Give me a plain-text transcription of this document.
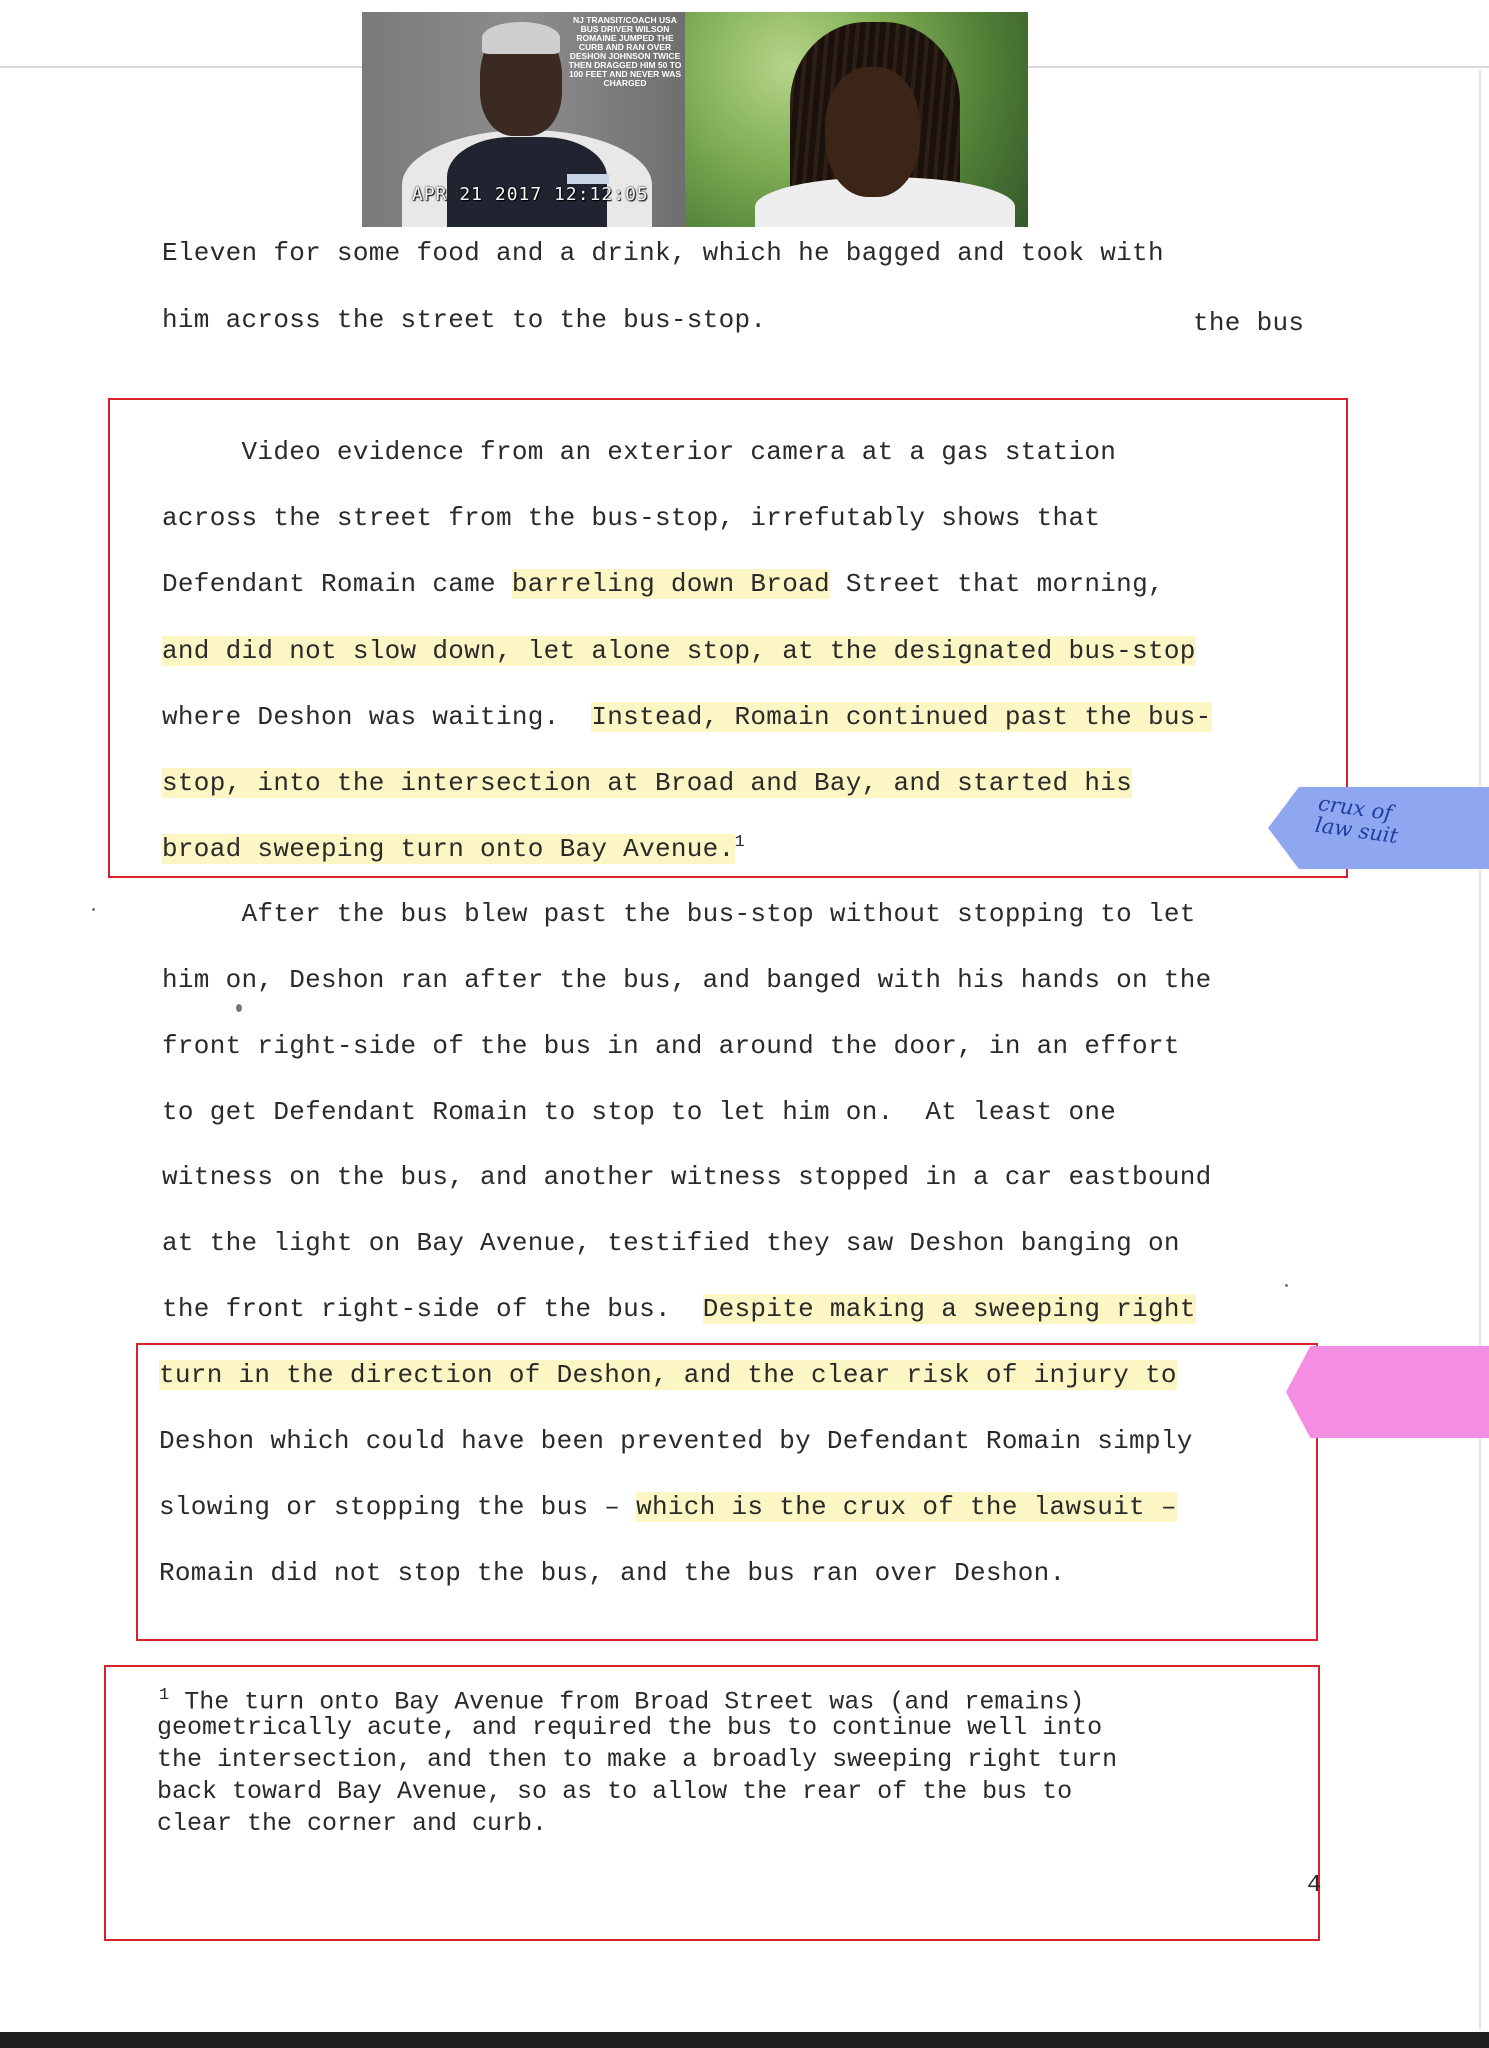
NJ TRANSIT/COACH USA BUS DRIVER WILSON ROMAINE JUMPED THE CURB AND RAN OVER DESHON JOHNSON TWICE THEN DRAGGED HIM 50 TO 100 FEET AND NEVER WAS CHARGED
APR 21 2017 12:12:05
Eleven for some food and a drink, which he bagged and took with
him across the street to the bus-stop.	the bus
Video evidence from an exterior camera at a gas station
across the street from the bus-stop, irrefutably shows that
Defendant Romain came barreling down Broad Street that morning,
and did not slow down, let alone stop, at the designated bus-stop
where Deshon was waiting.  Instead, Romain continued past the bus-
stop, into the intersection at Broad and Bay, and started his
broad sweeping turn onto Bay Avenue.$^1$
After the bus blew past the bus-stop without stopping to let
him on, Deshon ran after the bus, and banged with his hands on the
front right-side of the bus in and around the door, in an effort
to get Defendant Romain to stop to let him on.  At least one
witness on the bus, and another witness stopped in a car eastbound
at the light on Bay Avenue, testified they saw Deshon banging on
the front right-side of the bus.  Despite making a sweeping right
turn in the direction of Deshon, and the clear risk of injury to
Deshon which could have been prevented by Defendant Romain simply
slowing or stopping the bus – which is the crux of the lawsuit –
Romain did not stop the bus, and the bus ran over Deshon.
$^1$ The turn onto Bay Avenue from Broad Street was (and remains)
geometrically acute, and required the bus to continue well into
the intersection, and then to make a broadly sweeping right turn
back toward Bay Avenue, so as to allow the rear of the bus to
clear the corner and curb.
4
crux of
law suit
